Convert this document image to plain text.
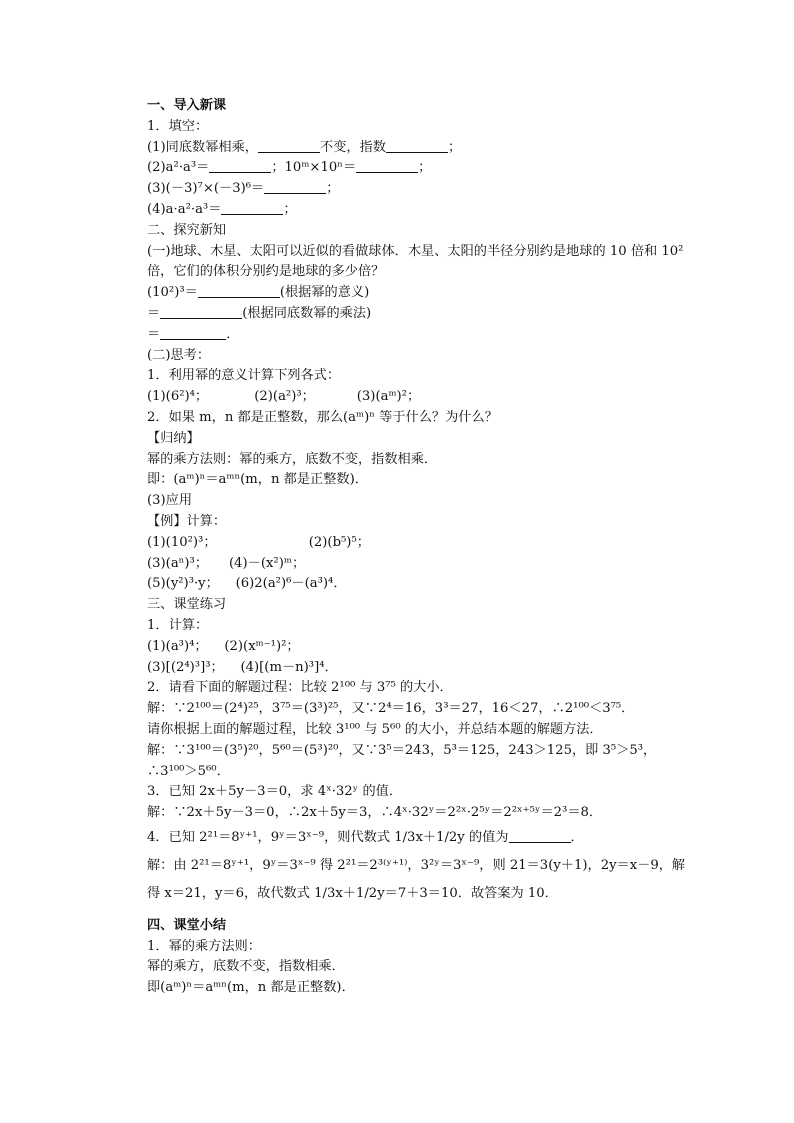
一、导入新课
1．填空：
(1)同底数幂相乘，	不变，指数	；
(2)a²·a³＝	；10ᵐ×10ⁿ＝	；
(3)(－3)⁷×(－3)⁶＝	；
(4)a·a²·a³＝	；
二、探究新知
(一)地球、木星、太阳可以近似的看做球体．木星、太阳的半径分别约是地球的 10 倍和 10² 倍，它们的体积分别约是地球的多少倍？
(10²)³＝	(根据幂的意义)
＝	(根据同底数幂的乘法)
＝	．
(二)思考：
1．利用幂的意义计算下列各式：
(1)(6²)⁴；	(2)(a²)³；	(3)(aᵐ)²；
2．如果 m，n 都是正整数，那么(aᵐ)ⁿ 等于什么？为什么？
【归纳】
幂的乘方法则：幂的乘方，底数不变，指数相乘．
即：(aᵐ)ⁿ＝aᵐⁿ(m，n 都是正整数)．
(3)应用
【例】计算：
(1)(10²)³；	(2)(b⁵)⁵；
(3)(aⁿ)³； (4)－(x²)ᵐ；
(5)(y²)³·y； (6)2(a²)⁶－(a³)⁴．
三、课堂练习
1．计算：
(1)(a³)⁴； (2)(xᵐ⁻¹)²；
(3)[(2⁴)³]³； (4)[(m－n)³]⁴．
2．请看下面的解题过程：比较 2¹⁰⁰ 与 3⁷⁵ 的大小．
解：∵2¹⁰⁰＝(2⁴)²⁵，3⁷⁵＝(3³)²⁵，又∵2⁴＝16，3³＝27，16＜27，∴2¹⁰⁰＜3⁷⁵．
请你根据上面的解题过程，比较 3¹⁰⁰ 与 5⁶⁰ 的大小，并总结本题的解题方法．
解：∵3¹⁰⁰＝(3⁵)²⁰，5⁶⁰＝(5³)²⁰，又∵3⁵＝243，5³＝125，243＞125，即 3⁵＞5³，∴3¹⁰⁰＞5⁶⁰．
3．已知 2x＋5y－3＝0，求 4ˣ·32ʸ 的值．
解：∵2x＋5y－3＝0，∴2x＋5y＝3，∴4ˣ·32ʸ＝2²ˣ·2⁵ʸ＝2²ˣ⁺⁵ʸ＝2³＝8．
4．已知 2²¹＝8ʸ⁺¹，9ʸ＝3ˣ⁻⁹，则代数式 1/3x＋1/2y 的值为	．
解：由 2²¹＝8ʸ⁺¹，9ʸ＝3ˣ⁻⁹ 得 2²¹＝2³⁽ʸ⁺¹⁾，3²ʸ＝3ˣ⁻⁹，则 21＝3(y＋1)，2y＝x－9，解得 x＝21，y＝6，故代数式 1/3x＋1/2y＝7＋3＝10．故答案为 10．
四、课堂小结
1．幂的乘方法则：
幂的乘方，底数不变，指数相乘．
即(aᵐ)ⁿ＝aᵐⁿ(m，n 都是正整数)．
